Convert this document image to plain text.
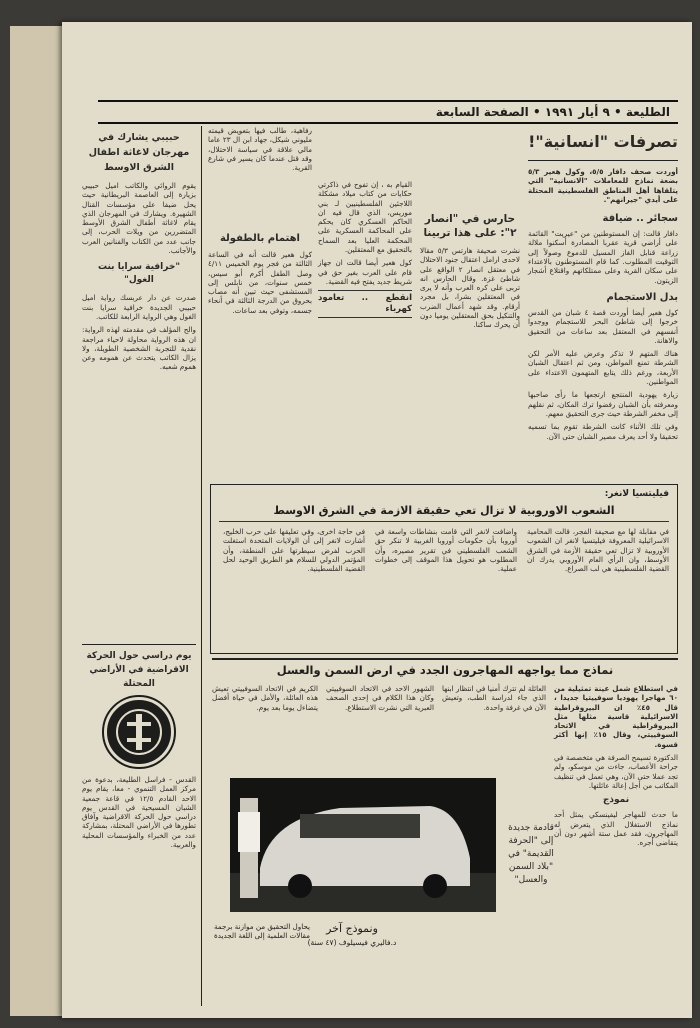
الطليعة • ٩ أيار ١٩٩١ • الصفحة السابعة
تصرفات "انسانية"!

أوردت صحف دافار ٥/٥، وكول هعير ٥/٣ بضعة نماذج للمعاملات "الانسانية" التي يتلقاها أهل المناطق الفلسطينية المحتلة على أيدي "جيرانهم".

سجائر .. ضيافة

دافار قالت: إن المستوطنين من "عيريت" القائمة على أراضي قرية عقربا المصادرة أسكنوا ملالة زراعة قنابل الغاز المسيل للدموع وصولاً إلى التوقيت المطلوب. كما قام المستوطنون بالاعتداء على سكان القرية وعلى ممتلكاتهم واقتلاع أشجار الزيتون.

بدل الاستجمام

كول هعير أيضا أوردت قصة ٤ شبان من القدس خرجوا إلى شاطئ البحر للاستجمام ووجدوا أنفسهم في المعتقل بعد ساعات من التحقيق والاهانة.

هناك المتهم لا تذكر وعرض عليه الأمر لكن الشرطة تمنع المواطن، ومن ثم اعتقال الشبان الأربعة، ورغم ذلك يتابع المتهمون الاعتداء على المواطنين.

زيارة يهودية المنتجع ارتجعها ما رأى صاحبها ومعرفته بأن الشبان رفضوا ترك المكان، ثم نقلهم إلى مخفر الشرطة حيث جرى التحقيق معهم.

وفي تلك الأثناء كانت الشرطة تقوم بما تسميه تحقيقا ولا أحد يعرف مصير الشبان حتى الآن.

حارس في "انصار ٢": على هذا تربينا

نشرت صحيفة هارتس ٥/٣ مقالا لاحدى ارامل اعتقال جنود الاحتلال في معتقل انصار ٢ الواقع على شاطئ غزة. وقال الحارس انه تربى على كره العرب وأنه لا يرى في المعتقلين بشرا، بل مجرد أرقام. وقد شهد أعمال الضرب والتنكيل بحق المعتقلين يوميا دون أن يحرك ساكنا.

القيام به ، إن تفوح في ذاكرتي حكايات من كتاب ميلاد مشكلة اللاجئين الفلسطينيين لـ بني موريس، الذي قال فيه ان الحاكم العسكري كان يحكم على المحاكمة العسكرية على المحكمة العليا بعد السماح بالتحقيق مع المعتقلين.

كول هعير أيضا قالت ان جهاز قام على العرب بغير حق في شريط جديد يفتح فيه القضية.

انقطع .. تعامود كهرباء

رفاهية، طالب فيها بتعويض قيمته مليوني شيكل، جهاد ابن ال ٢٣ عاما مالي علاقة في سياسة الاحتلال، وقد قتل عندما كان يسير في شارع القرية.

اهتمام بالطفولة

كول هعير قالت أنه في الساعة الثالثة من فجر يوم الخميس ٤/١١ وصل الطفل أكرم أبو سيس، خمس سنوات، من نابلس إلى المستشفى حيث تبين أنه مصاب بحروق من الدرجة الثالثة في أنحاء جسمه، وتوفي بعد ساعات.

حبيبي يشارك في مهرجان لاغاثة اطفال الشرق الاوسط

يقوم الروائي والكاتب اميل حبيبي بزيارة إلى العاصمة البريطانية حيث يحل ضيفا على مؤسسات القنال الشهيرة. ويشارك في المهرجان الذي يقام لاغاثة أطفال الشرق الأوسط المتضررين من ويلات الحرب، إلى جانب عدد من الكتاب والفنانين العرب والأجانب.

"خرافية سرايا بنت الغول"

صدرت عن دار عربسك رواية اميل حبيبي الجديدة خرافية سرايا بنت الغول وهي الرواية الرابعة للكاتب.

والح المؤلف في مقدمته لهذه الرواية: ان هذه الرواية محاولة لاحياء مراجعة نقدية للتجربة الشخصية الطويلة، ولا يزال الكاتب يتحدث عن همومه وعن هموم شعبه.

يوم دراسي حول الحركة الاقراضية في الأراضي المحتلة

القدس - فراسل الطليعة، بدعوة من مركز العمل التنموي - معا، يقام يوم الاحد القادم ١٢/٥ في قاعة جمعية الشبان المسيحية في القدس يوم دراسي حول الحركة الاقراضية وآفاق تطورها في الأراضي المحتلة، بمشاركة عدد من الخبراء والمؤسسات المحلية والعربية.

فيليتسيا لانغر:
الشعوب الاوروبية لا تزال تعي حقيقة الازمة في الشرق الاوسط

في مقابلة لها مع صحيفة الفجر، قالت المحامية الاسرائيلية المعروفة فيليتسيا لانغر ان الشعوب الأوروبية لا تزال تعي حقيقة الأزمة في الشرق الأوسط، وان الرأي العام الأوروبي يدرك ان القضية الفلسطينية هي لب الصراع.

واضافت لانغر التي قامت بنشاطات واسعة في أوروبا بأن حكومات أوروبا الغربية لا تنكر حق الشعب الفلسطيني في تقرير مصيره، وأن المطلوب هو تحويل هذا الموقف إلى خطوات عملية.

في حاجة اخرى، وفي تعليقها على حرب الخليج، أشارت لانغر إلى أن الولايات المتحدة استغلت الحرب لفرض سيطرتها على المنطقة، وأن المؤتمر الدولي للسلام هو الطريق الوحيد لحل القضية الفلسطينية.

نماذج مما يواجهه المهاجرون الجدد في ارض السمن والعسل

في استطلاع شمل عينة تمثيلية من ٦٠ مهاجرا يهوديا سوفييتيا جديدا ، قال ٤٥٪ ان البيروقراطية الاسرائيلية قاسية مثلها مثل البيروقراطية في الاتحاد السوفييتي، وقال ١٥٪ إنها أكثر قسوة.

الدكتورة تسيمح الصرفة هي متخصصة في جراحة الأعصاب، جاءت من موسكو، ولم تجد عملا حتى الآن، وهي تعمل في تنظيف المكاتب من أجل إعالة عائلتها.

نموذج

ما حدث للمهاجر ليفينسكي يمثل أحد نماذج الاستغلال الذي يتعرض له المهاجرون، فقد عمل ستة أشهر دون أن يتقاضى أجره.

العائلة لم تترك أمنيا في انتظار ابنها الذي جاء لدراسة الطب، وتعيش الآن في غرفة واحدة.

الشهور الاحد في الاتحاد السوفييتي وكان هذا الكلام في إحدى الصحف العبرية التي نشرت الاستطلاع.

الكريم في الاتحاد السوفييتي تعيش هذه العائلة، والأمل في حياة أفضل يتضاءل يوما بعد يوم.

قادمة جديدة إلى "الحرفة القديمة" في "بلاد السمن والعسل"
ونموذج آخر
د.فاليري فيسيلوف (٤٧ سنة)
يحاول التحقيق من موازنة برجمة مقالات العلمية إلى اللغة الجديدة
